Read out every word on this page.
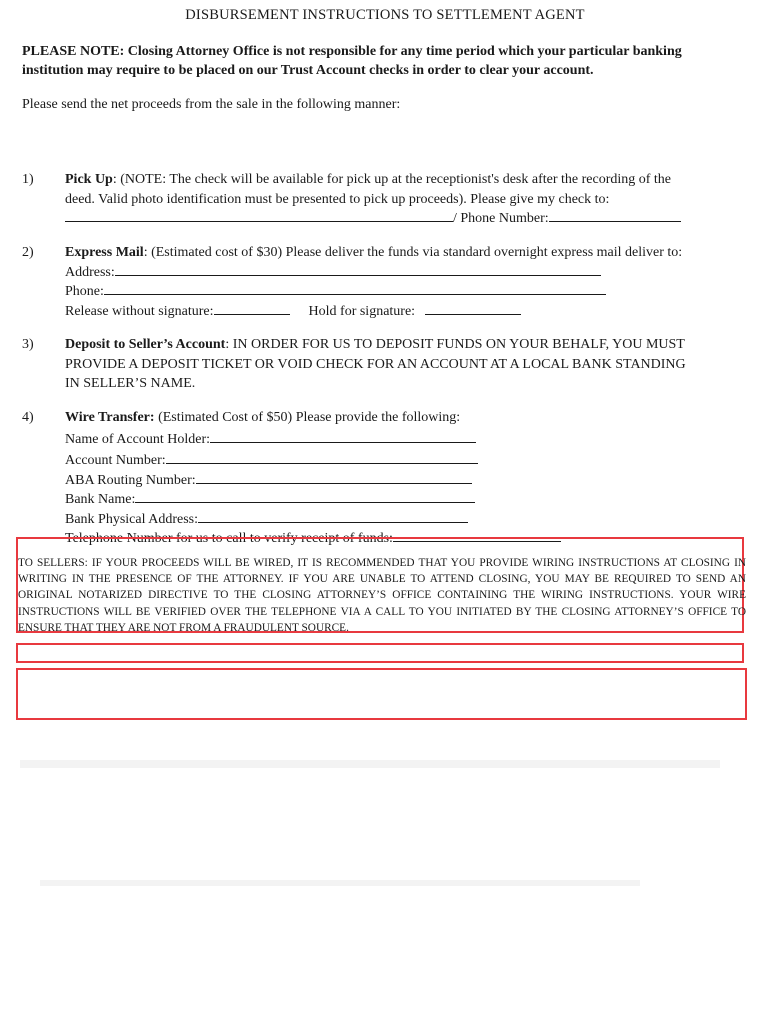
DISBURSEMENT INSTRUCTIONS TO SETTLEMENT AGENT
PLEASE NOTE: Closing Attorney Office is not responsible for any time period which your particular banking institution may require to be placed on our Trust Account checks in order to clear your account.
Please send the net proceeds from the sale in the following manner:
1) Pick Up: (NOTE: The check will be available for pick up at the receptionist's desk after the recording of the
deed. Valid photo identification must be presented to pick up proceeds). Please give my check to:
/ Phone Number:
2) Express Mail: (Estimated cost of $30) Please deliver the funds via standard overnight express mail deliver to:
Address:
Phone:
Release without signature:	Hold for signature:
3) Deposit to Seller’s Account: IN ORDER FOR US TO DEPOSIT FUNDS ON YOUR BEHALF, YOU MUST
PROVIDE A DEPOSIT TICKET OR VOID CHECK FOR AN ACCOUNT AT A LOCAL BANK STANDING
IN SELLER’S NAME.
4) Wire Transfer: (Estimated Cost of $50) Please provide the following:
Name of Account Holder:
Account Number:
ABA Routing Number:
Bank Name:
Bank Physical Address:
Telephone Number for us to call to verify receipt of funds:
TO SELLERS: IF YOUR PROCEEDS WILL BE WIRED, IT IS RECOMMENDED THAT YOU PROVIDE WIRING INSTRUCTIONS AT CLOSING IN WRITING IN THE PRESENCE OF THE ATTORNEY. IF YOU ARE UNABLE TO ATTEND CLOSING, YOU MAY BE REQUIRED TO SEND AN ORIGINAL NOTARIZED DIRECTIVE TO THE CLOSING ATTORNEY’S OFFICE CONTAINING THE WIRING INSTRUCTIONS. YOUR WIRE INSTRUCTIONS WILL BE VERIFIED OVER THE TELEPHONE VIA A CALL TO YOU INITIATED BY THE CLOSING ATTORNEY’S OFFICE TO ENSURE THAT THEY ARE NOT FROM A FRAUDULENT SOURCE.
